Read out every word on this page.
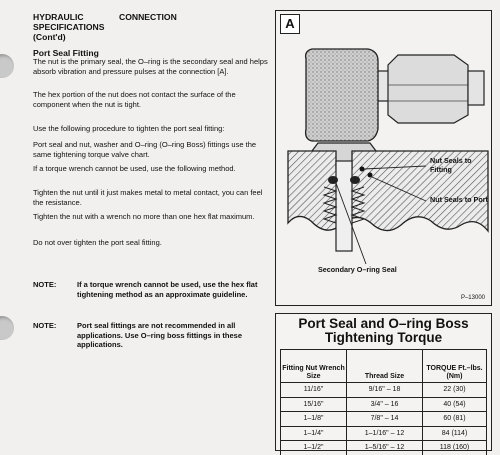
HYDRAULIC	CONNECTIONSPECIFICATIONS
(Cont'd)
Port Seal Fitting
The nut is the primary seal, the O–ring is the secondary seal and helps absorb vibration and pressure pulses at the connection [A].
The hex portion of the nut does not contact the surface of the component when the nut is tight.
Use the following procedure to tighten the port seal fitting:
Port seal and nut, washer and O–ring (O–ring Boss) fittings use the same tightening torque valve chart.
If a torque wrench cannot be used, use the following method.
Tighten the nut until it just makes metal to metal contact, you can feel the resistance.
Tighten the nut with a wrench no more than one hex flat maximum.
Do not over tighten the port seal fitting.
NOTE:	If a torque wrench cannot be used, use the hex flat tightening method as an approximate guideline.
NOTE:	Port seal fittings are not recommended in all applications. Use O–ring boss fittings in these applications.
A
Nut Seals to Fitting
Nut Seals to Port
Secondary O–ring Seal
P–13000
Port Seal and O–ring Boss Tightening Torque
Fitting Nut Wrench Size	Thread Size	TORQUE Ft.–lbs. (Nm)
11/16"	9/16" – 18	22 (30)
15/16"	3/4" – 16	40 (54)
1–1/8"	7/8" – 14	60 (81)
1–1/4"	1–1/16" – 12	84 (114)
1–1/2"	1–5/16" – 12	118 (160)
